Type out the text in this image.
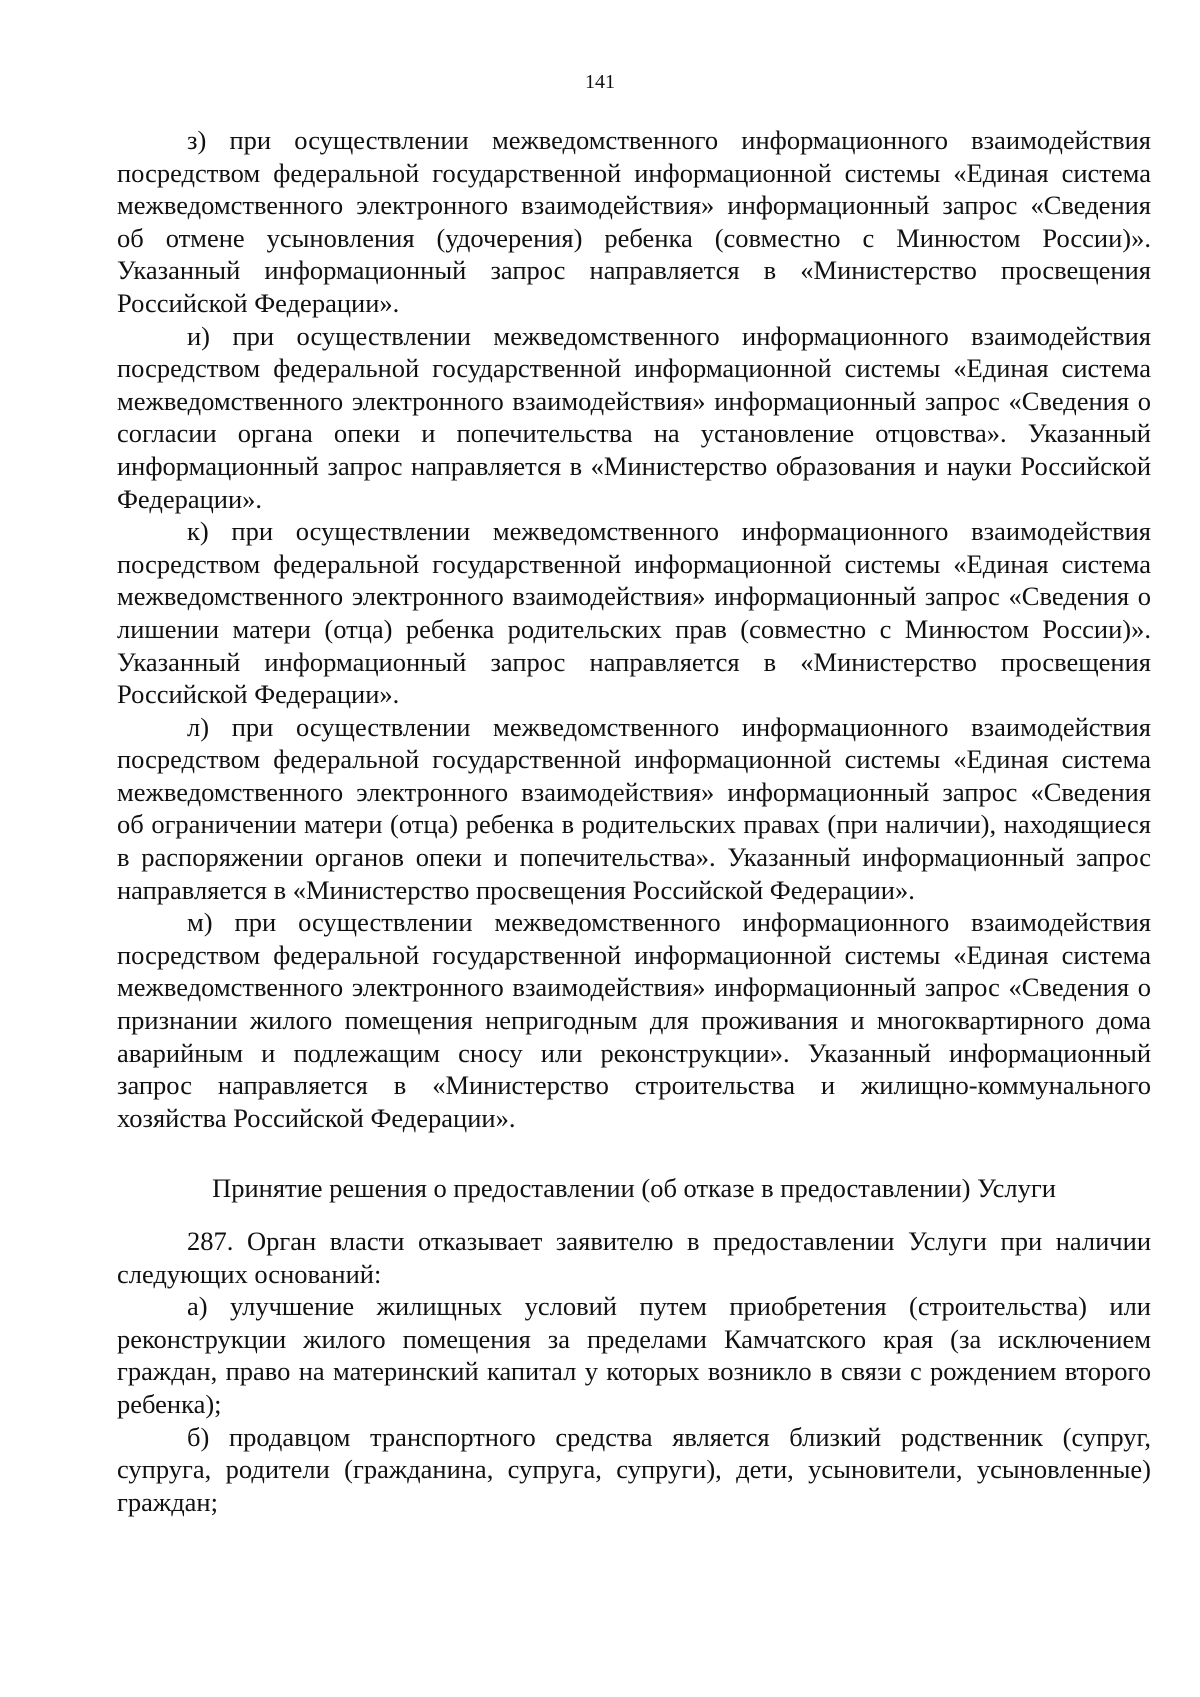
141

з) при осуществлении межведомственного информационного взаимодействия посредством федеральной государственной информационной системы «Единая система межведомственного электронного взаимодействия» информационный запрос «Сведения об отмене усыновления (удочерения) ребенка (совместно с Минюстом России)». Указанный информационный запрос направляется в «Министерство просвещения Российской Федерации».

и) при осуществлении межведомственного информационного взаимодействия посредством федеральной государственной информационной системы «Единая система межведомственного электронного взаимодействия» информационный запрос «Сведения о согласии органа опеки и попечительства на установление отцовства». Указанный информационный запрос направляется в «Министерство образования и науки Российской Федерации».

к) при осуществлении межведомственного информационного взаимодействия посредством федеральной государственной информационной системы «Единая система межведомственного электронного взаимодействия» информационный запрос «Сведения о лишении матери (отца) ребенка родительских прав (совместно с Минюстом России)». Указанный информационный запрос направляется в «Министерство просвещения Российской Федерации».

л) при осуществлении межведомственного информационного взаимодействия посредством федеральной государственной информационной системы «Единая система межведомственного электронного взаимодействия» информационный запрос «Сведения об ограничении матери (отца) ребенка в родительских правах (при наличии), находящиеся в распоряжении органов опеки и попечительства». Указанный информационный запрос направляется в «Министерство просвещения Российской Федерации».

м) при осуществлении межведомственного информационного взаимодействия посредством федеральной государственной информационной системы «Единая система межведомственного электронного взаимодействия» информационный запрос «Сведения о признании жилого помещения непригодным для проживания и многоквартирного дома аварийным и подлежащим сносу или реконструкции». Указанный информационный запрос направляется в «Министерство строительства и жилищно-коммунального хозяйства Российской Федерации».

Принятие решения о предоставлении (об отказе в предоставлении) Услуги

287. Орган власти отказывает заявителю в предоставлении Услуги при наличии следующих оснований:

а) улучшение жилищных условий путем приобретения (строительства) или реконструкции жилого помещения за пределами Камчатского края (за исключением граждан, право на материнский капитал у которых возникло в связи с рождением второго ребенка);

б) продавцом транспортного средства является близкий родственник (супруг, супруга, родители (гражданина, супруга, супруги), дети, усыновители, усыновленные) граждан;
